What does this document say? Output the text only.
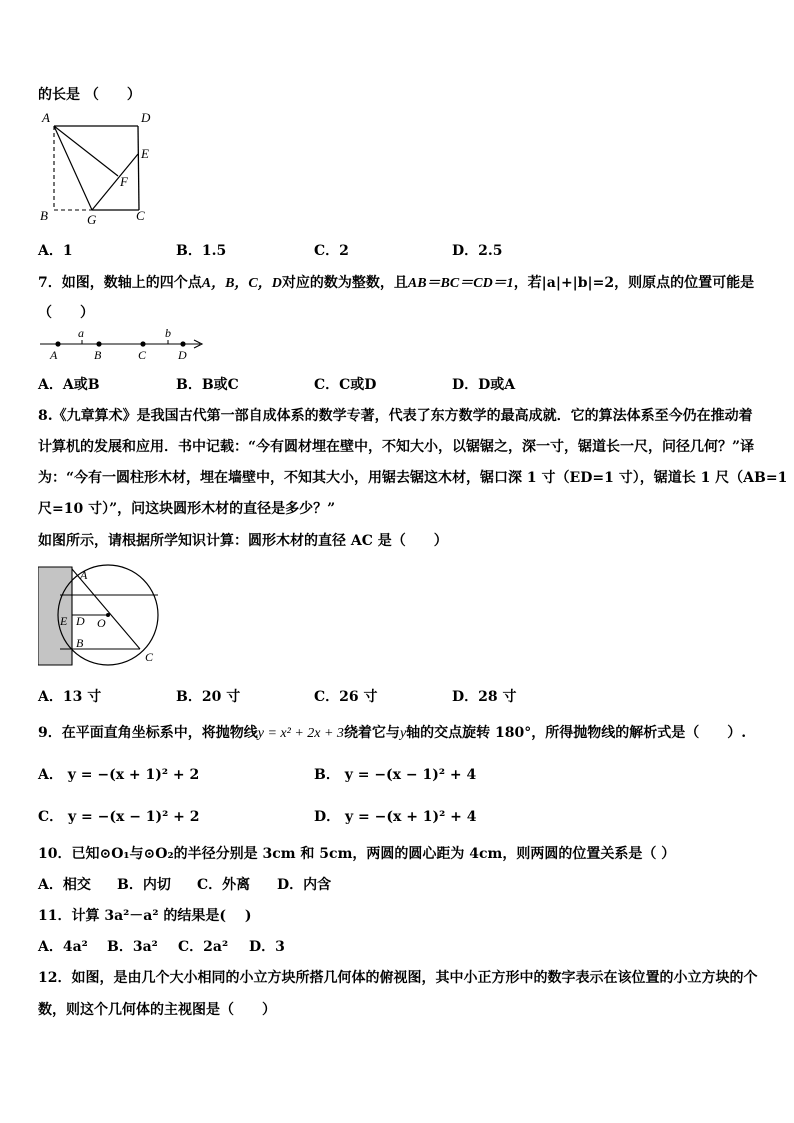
的长是 （　　）
A	D
E
F
B	G	C
A．1	B．1.5	C．2	D．2.5
7．如图，数轴上的四个点A，B，C，D对应的数为整数，且AB＝BC＝CD＝1，若|a|+|b|=2，则原点的位置可能是
（　　）
a	b
A	B	C	D
A．A或B	B．B或C	C．C或D	D．D或A
8.《九章算术》是我国古代第一部自成体系的数学专著，代表了东方数学的最高成就．它的算法体系至今仍在推动着
计算机的发展和应用．书中记载：“今有圆材埋在壁中，不知大小，以锯锯之，深一寸，锯道长一尺，问径几何？”译
为：“今有一圆柱形木材，埋在墙壁中，不知其大小，用锯去锯这木材，锯口深 1 寸（ED=1 寸），锯道长 1 尺（AB=1
尺=10 寸）”，问这块圆形木材的直径是多少？”
如图所示，请根据所学知识计算：圆形木材的直径 AC 是（　　）
A
E D O
B
C
A．13 寸	B．20 寸	C．26 寸	D．28 寸
9．在平面直角坐标系中，将抛物线y = x² + 2x + 3绕着它与y轴的交点旋转 180°，所得抛物线的解析式是（　　）.
A． y = −(x + 1)² + 2	B． y = −(x − 1)² + 4
C． y = −(x − 1)² + 2	D． y = −(x + 1)² + 4
10．已知⊙O₁与⊙O₂的半径分别是 3cm 和 5cm，两圆的圆心距为 4cm，则两圆的位置关系是（ ）
A．相交 B．内切 C．外离 D．内含
11．计算 3a²－a² 的结果是(　 )
A．4a² B．3a² C．2a² D．3
12．如图，是由几个大小相同的小立方块所搭几何体的俯视图，其中小正方形中的数字表示在该位置的小立方块的个
数，则这个几何体的主视图是（　　）
